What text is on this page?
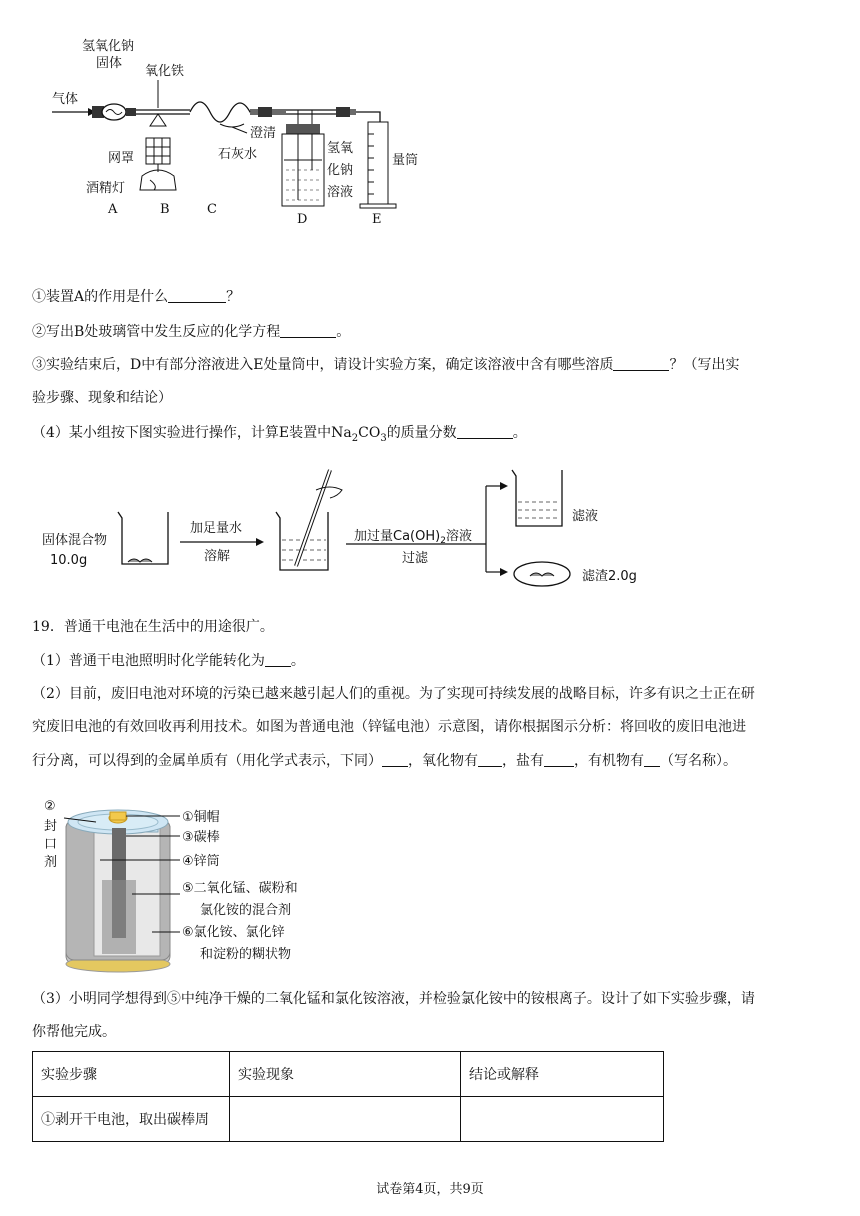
气体
氢氧化钠
固体
氧化铁
网罩
酒精灯
澄清
石灰水	氢氧
化钠
溶液
量筒
A	B	C
D	E

①装置A的作用是什么	？

②写出B处玻璃管中发生反应的化学方程	。

③实验结束后，D中有部分溶液进入E处量筒中，请设计实验方案，确定该溶液中含有哪些溶质	？（写出实

验步骤、现象和结论）

（4）某小组按下图实验进行操作，计算E装置中$Na_2CO_3$的质量分数	。

固体混合物
10.0g
加足量水
溶解
加过量$Ca(OH)_2$溶液
过滤
滤液
滤渣2.0g

19．普通干电池在生活中的用途很广。

（1）普通干电池照明时化学能转化为 。

（2）目前，废旧电池对环境的污染已越来越引起人们的重视。为了实现可持续发展的战略目标，许多有识之士正在研

究废旧电池的有效回收再利用技术。如图为普通电池（锌锰电池）示意图，请你根据图示分析：将回收的废旧电池进

行分离，可以得到的金属单质有（用化学式表示，下同） ，氧化物有 ，盐有 ，有机物有 （写名称）。

②
封
口
剂
①铜帽
③碳棒
④锌筒
⑤二氧化锰、碳粉和
氯化铵的混合剂
⑥氯化铵、氯化锌
和淀粉的糊状物

（3）小明同学想得到⑤中纯净干燥的二氧化锰和氯化铵溶液，并检验氯化铵中的铵根离子。设计了如下实验步骤，请

你帮他完成。

实验步骤	实验现象	结论或解释
①剥开干电池，取出碳棒周		
试卷第4页，共9页
